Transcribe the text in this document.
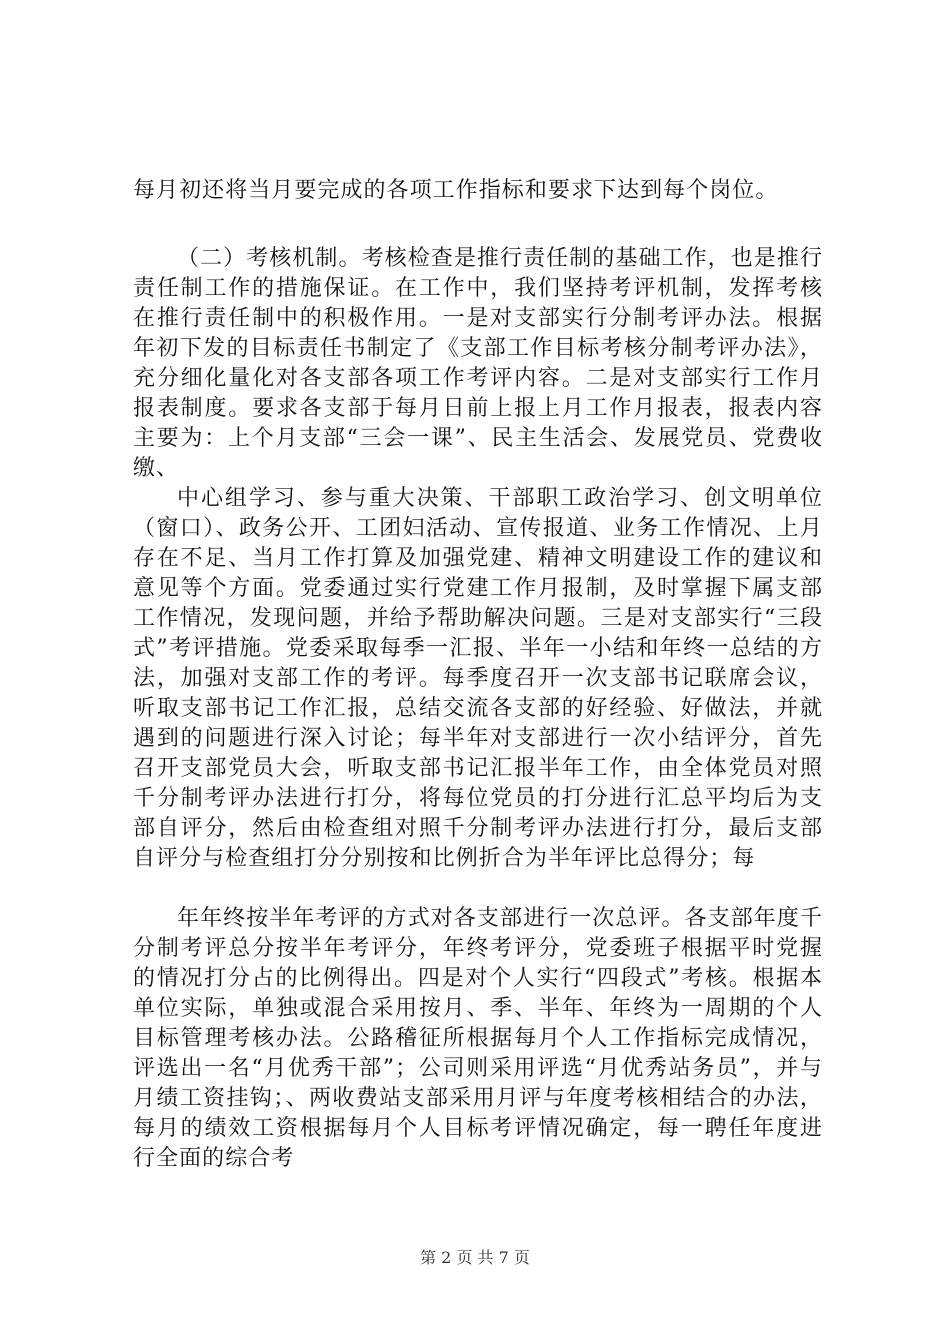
每月初还将当月要完成的各项工作指标和要求下达到每个岗位。

（二）考核机制。考核检查是推行责任制的基础工作，也是推行责任制工作的措施保证。在工作中，我们坚持考评机制，发挥考核在推行责任制中的积极作用。一是对支部实行分制考评办法。根据年初下发的目标责任书制定了《支部工作目标考核分制考评办法》，充分细化量化对各支部各项工作考评内容。二是对支部实行工作月报表制度。要求各支部于每月日前上报上月工作月报表，报表内容主要为：上个月支部“三会一课”、民主生活会、发展党员、党费收缴、

中心组学习、参与重大决策、干部职工政治学习、创文明单位（窗口）、政务公开、工团妇活动、宣传报道、业务工作情况、上月存在不足、当月工作打算及加强党建、精神文明建设工作的建议和意见等个方面。党委通过实行党建工作月报制，及时掌握下属支部工作情况，发现问题，并给予帮助解决问题。三是对支部实行“三段式”考评措施。党委采取每季一汇报、半年一小结和年终一总结的方法，加强对支部工作的考评。每季度召开一次支部书记联席会议，听取支部书记工作汇报，总结交流各支部的好经验、好做法，并就遇到的问题进行深入讨论；每半年对支部进行一次小结评分，首先召开支部党员大会，听取支部书记汇报半年工作，由全体党员对照千分制考评办法进行打分，将每位党员的打分进行汇总平均后为支部自评分，然后由检查组对照千分制考评办法进行打分，最后支部自评分与检查组打分分别按和比例折合为半年评比总得分；每

年年终按半年考评的方式对各支部进行一次总评。各支部年度千分制考评总分按半年考评分，年终考评分，党委班子根据平时党握的情况打分占的比例得出。四是对个人实行“四段式”考核。根据本单位实际，单独或混合采用按月、季、半年、年终为一周期的个人目标管理考核办法。公路稽征所根据每月个人工作指标完成情况，评选出一名“月优秀干部”；公司则采用评选“月优秀站务员”，并与月绩工资挂钩；、两收费站支部采用月评与年度考核相结合的办法，每月的绩效工资根据每月个人目标考评情况确定，每一聘任年度进行全面的综合考

第 2 页 共 7 页
